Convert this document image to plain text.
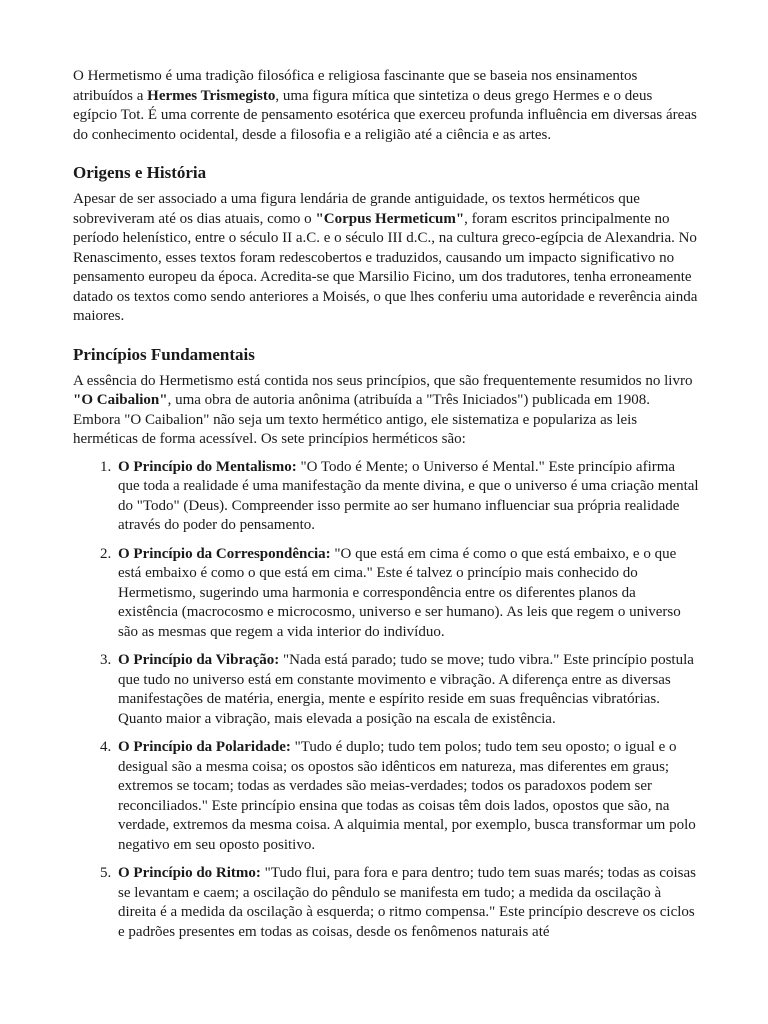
O Hermetismo é uma tradição filosófica e religiosa fascinante que se baseia nos ensinamentos atribuídos a Hermes Trismegisto, uma figura mítica que sintetiza o deus grego Hermes e o deus egípcio Tot. É uma corrente de pensamento esotérica que exerceu profunda influência em diversas áreas do conhecimento ocidental, desde a filosofia e a religião até a ciência e as artes.

Origens e História

Apesar de ser associado a uma figura lendária de grande antiguidade, os textos herméticos que sobreviveram até os dias atuais, como o "Corpus Hermeticum", foram escritos principalmente no período helenístico, entre o século II a.C. e o século III d.C., na cultura greco-egípcia de Alexandria. No Renascimento, esses textos foram redescobertos e traduzidos, causando um impacto significativo no pensamento europeu da época. Acredita-se que Marsilio Ficino, um dos tradutores, tenha erroneamente datado os textos como sendo anteriores a Moisés, o que lhes conferiu uma autoridade e reverência ainda maiores.

Princípios Fundamentais

A essência do Hermetismo está contida nos seus princípios, que são frequentemente resumidos no livro "O Caibalion", uma obra de autoria anônima (atribuída a "Três Iniciados") publicada em 1908. Embora "O Caibalion" não seja um texto hermético antigo, ele sistematiza e populariza as leis herméticas de forma acessível. Os sete princípios herméticos são:

1. O Princípio do Mentalismo: "O Todo é Mente; o Universo é Mental." Este princípio afirma que toda a realidade é uma manifestação da mente divina, e que o universo é uma criação mental do "Todo" (Deus). Compreender isso permite ao ser humano influenciar sua própria realidade através do poder do pensamento.
2. O Princípio da Correspondência: "O que está em cima é como o que está embaixo, e o que está embaixo é como o que está em cima." Este é talvez o princípio mais conhecido do Hermetismo, sugerindo uma harmonia e correspondência entre os diferentes planos da existência (macrocosmo e microcosmo, universo e ser humano). As leis que regem o universo são as mesmas que regem a vida interior do indivíduo.
3. O Princípio da Vibração: "Nada está parado; tudo se move; tudo vibra." Este princípio postula que tudo no universo está em constante movimento e vibração. A diferença entre as diversas manifestações de matéria, energia, mente e espírito reside em suas frequências vibratórias. Quanto maior a vibração, mais elevada a posição na escala de existência.
4. O Princípio da Polaridade: "Tudo é duplo; tudo tem polos; tudo tem seu oposto; o igual e o desigual são a mesma coisa; os opostos são idênticos em natureza, mas diferentes em graus; extremos se tocam; todas as verdades são meias-verdades; todos os paradoxos podem ser reconciliados." Este princípio ensina que todas as coisas têm dois lados, opostos que são, na verdade, extremos da mesma coisa. A alquimia mental, por exemplo, busca transformar um polo negativo em seu oposto positivo.
5. O Princípio do Ritmo: "Tudo flui, para fora e para dentro; tudo tem suas marés; todas as coisas se levantam e caem; a oscilação do pêndulo se manifesta em tudo; a medida da oscilação à direita é a medida da oscilação à esquerda; o ritmo compensa." Este princípio descreve os ciclos e padrões presentes em todas as coisas, desde os fenômenos naturais até
